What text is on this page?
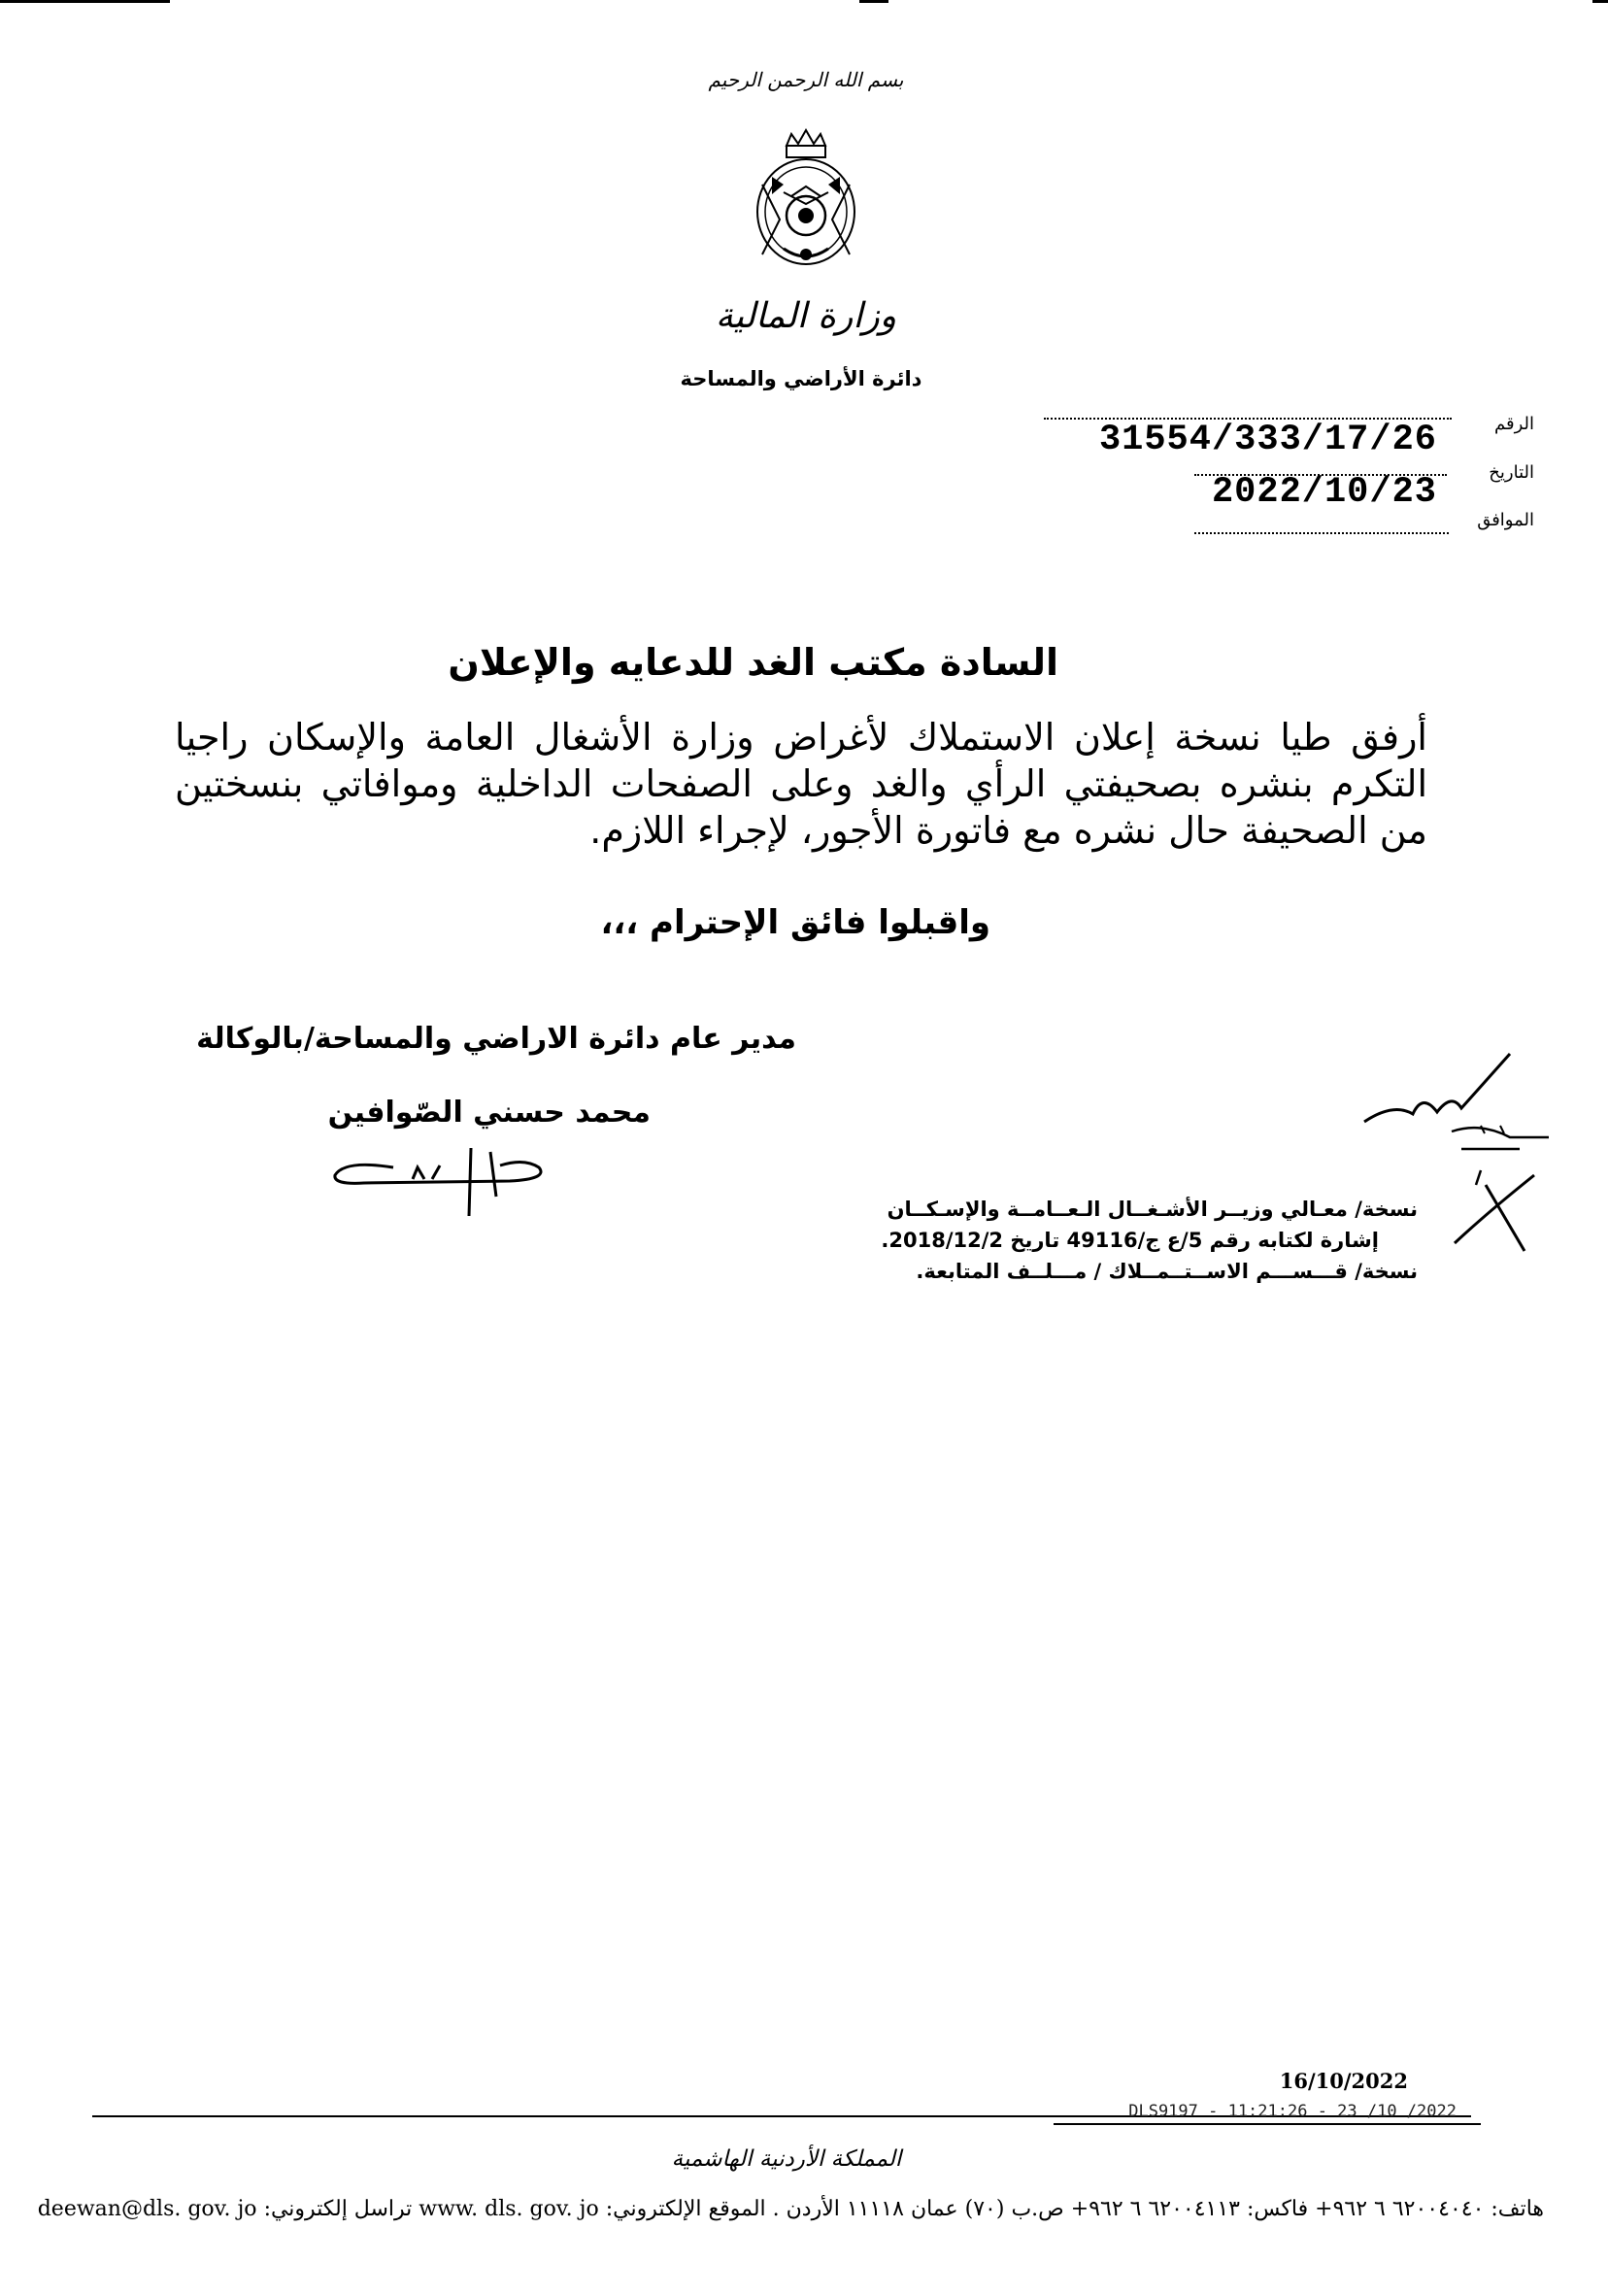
بسم الله الرحمن الرحيم
وزارة المالية
دائرة الأراضي والمساحة
الرقم
31554/333/17/26
التاريخ
2022/10/23
الموافق
السادة مكتب الغد للدعايه والإعلان
أرفق طيا نسخة إعلان الاستملاك لأغراض وزارة الأشغال العامة والإسكان راجيا التكرم بنشره بصحيفتي الرأي والغد وعلى الصفحات الداخلية وموافاتي بنسختين من الصحيفة حال نشره مع فاتورة الأجور، لإجراء اللازم.
واقبلوا فائق الإحترام ،،،
مدير عام دائرة الاراضي والمساحة/بالوكالة
محمد حسني الصّوافين
نسخة/ معـالي وزيــر الأشـغــال الـعــامــة والإسـكــان
إشارة لكتابه رقم 5/ع ج/49116 تاريخ 2018/12/2.
نسخة/ قـــســـم الاســتــمــلاك / مـــلــف المتابعة.
16/10/2022
DLS9197 - 11:21:26 - 23 /10 /2022
المملكة الأردنية الهاشمية
هاتف: ٦٢٠٠٤٠٤٠ ٦ ٩٦٢+ فاكس: ٦٢٠٠٤١١٣ ٦ ٩٦٢+ ص.ب (٧٠) عمان ١١١١٨ الأردن . الموقع الإلكتروني: www. dls. gov. jo تراسل إلكتروني: deewan@dls. gov. jo
